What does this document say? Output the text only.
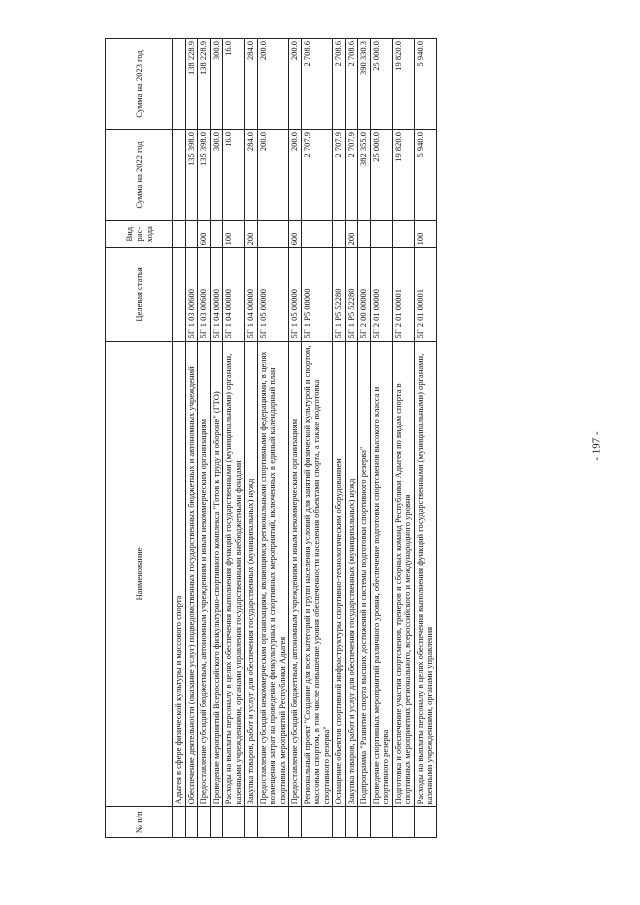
- 197 -
№ п/п	Наименование	Целевая статья	Вид рас- хода	Сумма на 2022 год	Сумма на 2023 год
	Адыгея в сфере физической культуры и массового спорта				
	Обеспечение деятельности (оказание услуг) подведомственных государственных бюджетных и автономных учреждений	5Г 1 03 00600		135 398.0	138 228.9
	Предоставление субсидий бюджетным, автономным учреждениям и иным некоммерческим организациям	5Г 1 03 00600	600	135 398.0	138 228.9
	Проведение мероприятий Всероссийского физкультурно-спортивного комплекса "Готов к труду и обороне" (ГТО)	5Г 1 04 00000		300.0	300.0
	Расходы на выплаты персоналу в целях обеспечения выполнения функций государственными (муниципальными) органами, казенными учреждениями, органами управления государственными внебюджетными фондами	5Г 1 04 00000	100	16.0	16.0
	Закупка товаров, работ и услуг для обеспечения государственных (муниципальных) нужд	5Г 1 04 00000	200	284.0	284.0
	Предоставление субсидий некоммерческим организациям, являющимся региональными спортивными федерациями, в целях возмещения затрат на проведение физкультурных и спортивных мероприятий, включенных в единый календарный план спортивных мероприятий Республики Адыгея	5Г 1 05 00000		200.0	200.0
	Предоставление субсидий бюджетным, автономным учреждениям и иным некоммерческим организациям	5Г 1 05 00000	600	200.0	200.0
	Региональный проект "Создание для всех категорий и групп населения условий для занятий физической культурой и спортом, массовым спортом, в том числе повышение уровня обеспеченности населения объектами спорта, а также подготовка спортивного резерва"	5Г 1 P5 00000		2 707.9	2 708.6
	Оснащение объектов спортивной инфраструктуры спортивно-технологическим оборудованием	5Г 1 P5 52280		2 707.9	2 708.6
	Закупка товаров, работ и услуг для обеспечения государственных (муниципальных) нужд	5Г 1 P5 52280	200	2 707.9	2 708.6
	Подпрограмма "Развитие спорта высших достижений и системы подготовки спортивного резерва"	5Г 2 00 00000		382 355.0	390 330.3
	Проведение спортивных мероприятий различного уровня, обеспечение подготовки спортсменов высокого класса и спортивного резерва	5Г 2 01 00000		25 000.0	25 000.0
	Подготовка и обеспечение участия спортсменов, тренеров и сборных команд Республики Адыгея по видам спорта в спортивных мероприятиях регионального, всероссийского и международного уровня	5Г 2 01 00001		19 820.0	19 820.0
	Расходы на выплаты персоналу в целях обеспечения выполнения функций государственными (муниципальными) органами, казенными учреждениями, органами управления	5Г 2 01 00001	100	5 940.0	5 940.0
